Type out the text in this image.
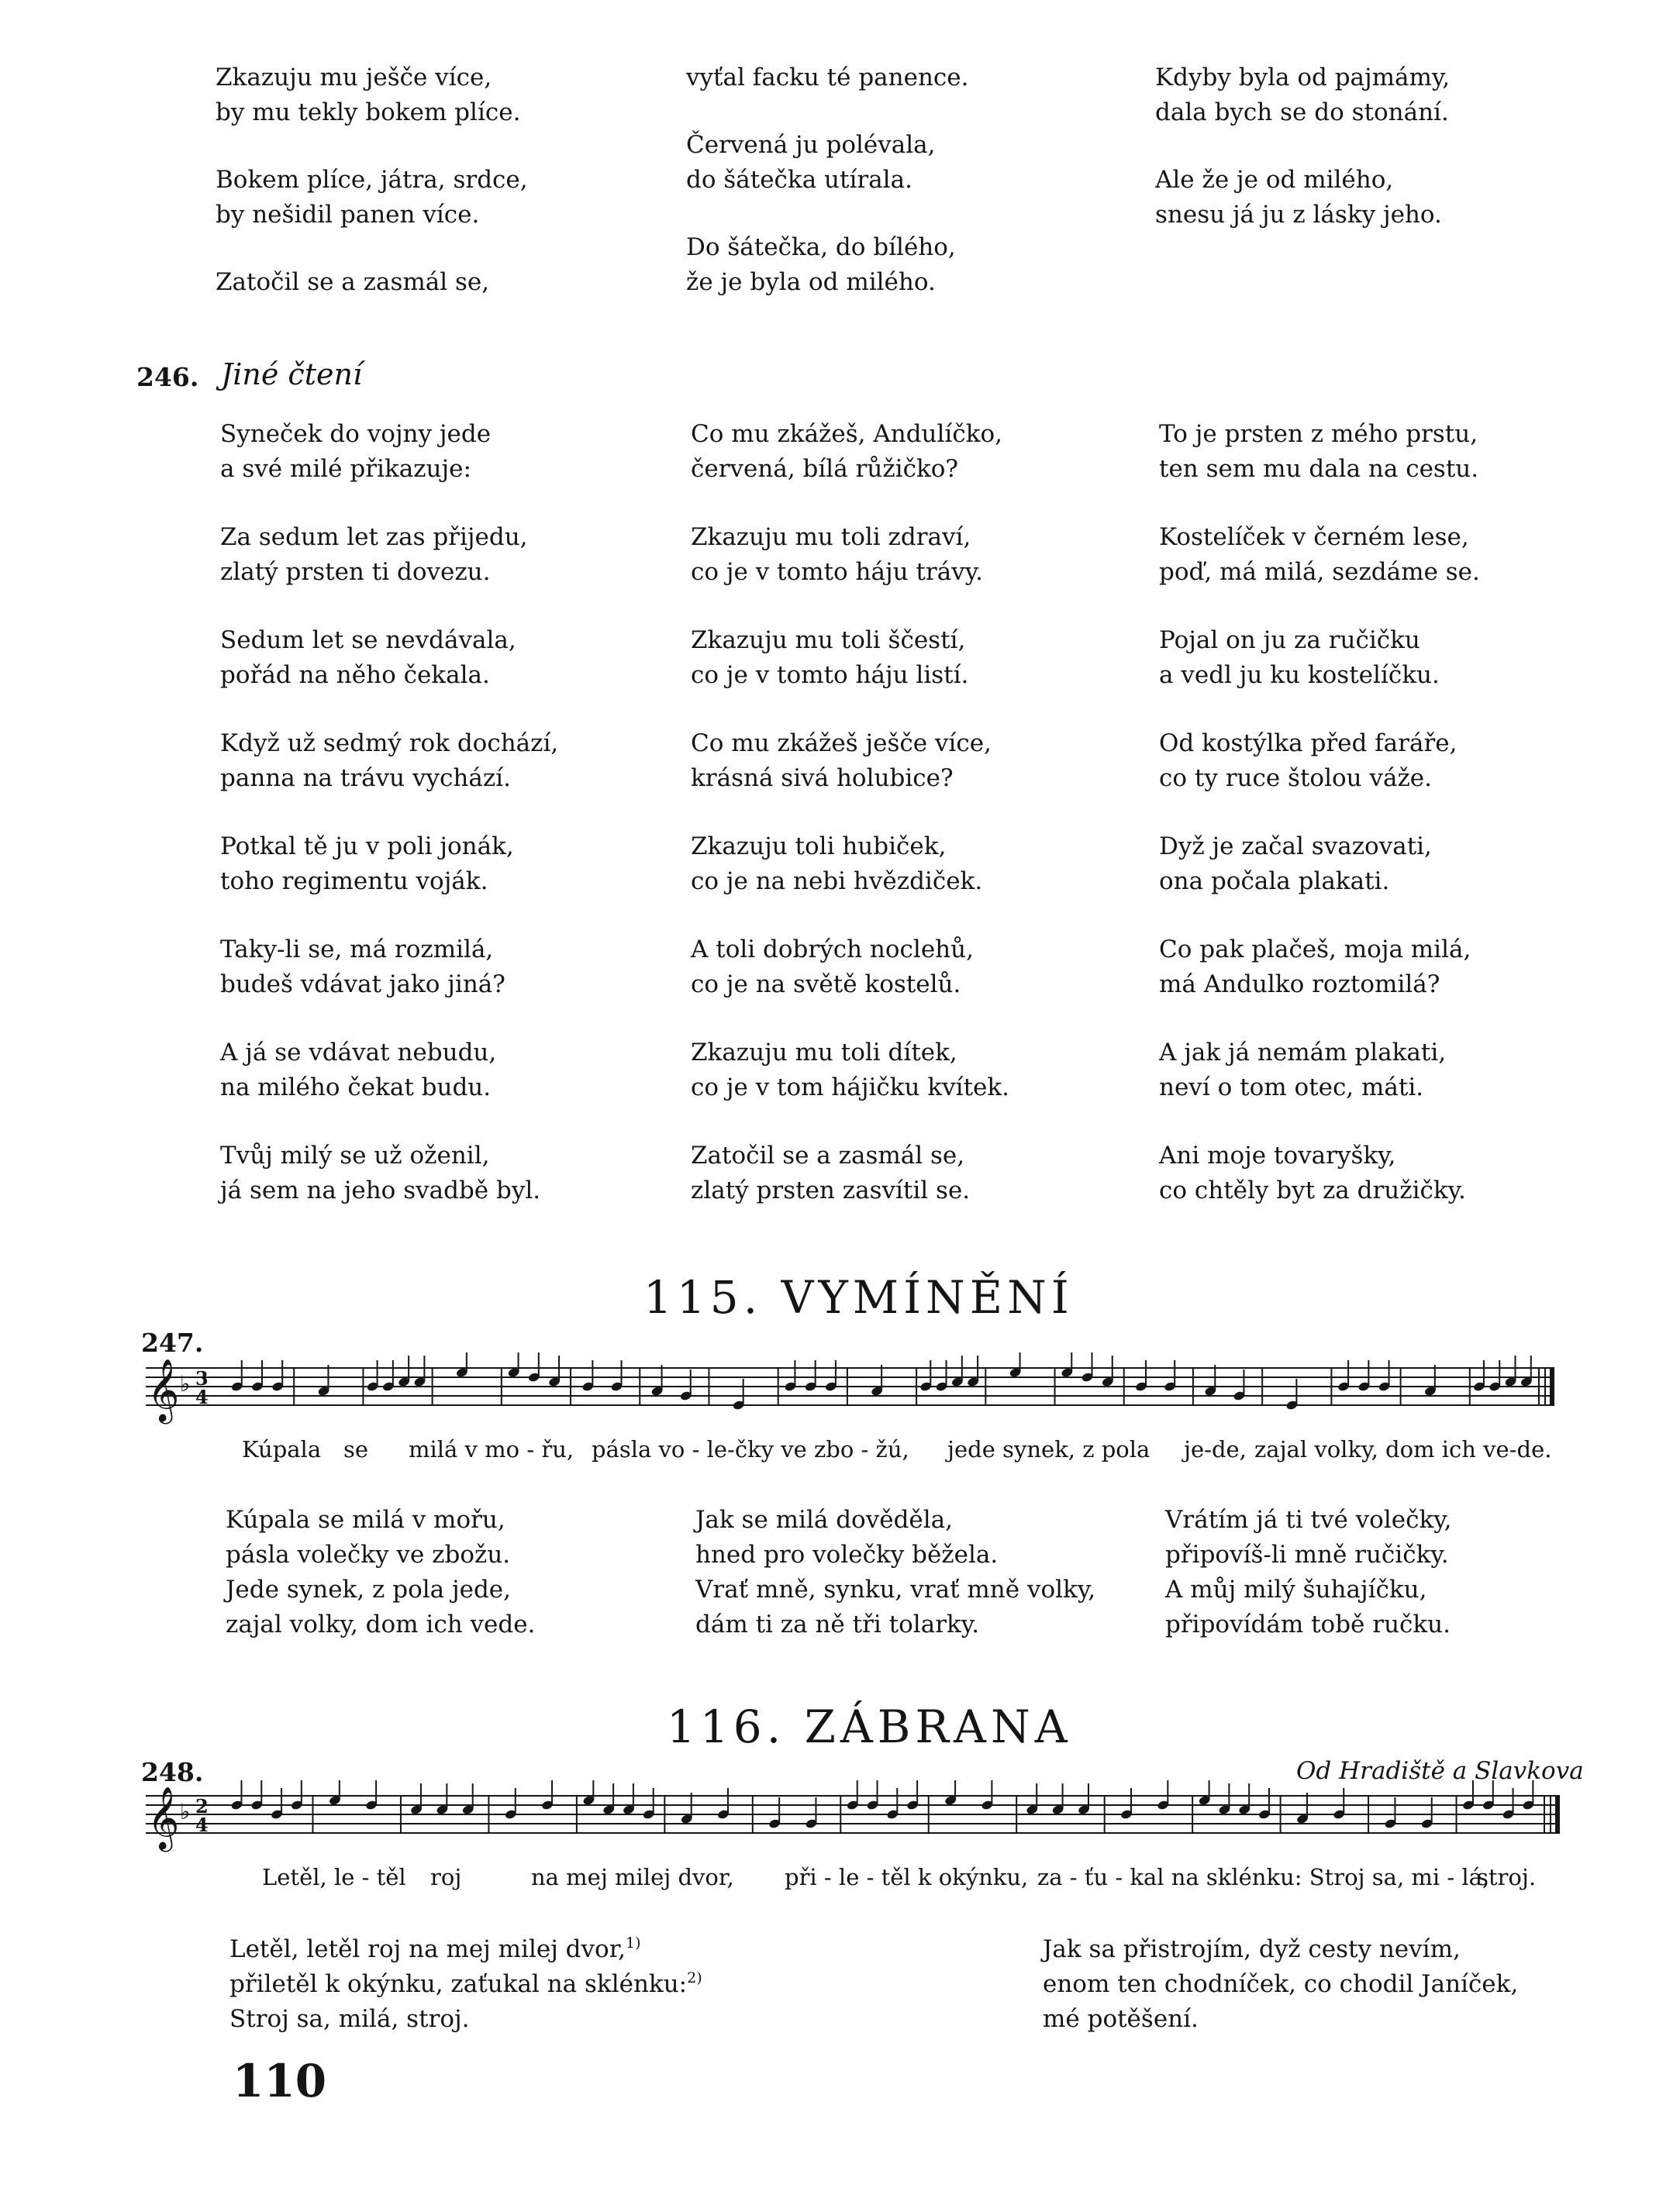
Zkazuju mu ješče více,
by mu tekly bokem plíce.
Bokem plíce, játra, srdce,
by nešidil panen více.
Zatočil se a zasmál se,
vyťal facku té panence.
Červená ju polévala,
do šátečka utírala.
Do šátečka, do bílého,
že je byla od milého.
Kdyby byla od pajmámy,
dala bych se do stonání.
Ale že je od milého,
snesu já ju z lásky jeho.
246. Jiné čtení
Syneček do vojny jede
a své milé přikazuje:
Za sedum let zas přijedu,
zlatý prsten ti dovezu.
Sedum let se nevdávala,
pořád na něho čekala.
Když už sedmý rok dochází,
panna na trávu vychází.
Potkal tě ju v poli jonák,
toho regimentu voják.
Taky-li se, má rozmilá,
budeš vdávat jako jiná?
A já se vdávat nebudu,
na milého čekat budu.
Tvůj milý se už oženil,
já sem na jeho svadbě byl.
Co mu zkážeš, Andulíčko,
červená, bílá růžičko?
Zkazuju mu toli zdraví,
co je v tomto háju trávy.
Zkazuju mu toli ščestí,
co je v tomto háju listí.
Co mu zkážeš ješče více,
krásná sivá holubice?
Zkazuju toli hubiček,
co je na nebi hvězdiček.
A toli dobrých noclehů,
co je na světě kostelů.
Zkazuju mu toli dítek,
co je v tom hájičku kvítek.
Zatočil se a zasmál se,
zlatý prsten zasvítil se.
To je prsten z mého prstu,
ten sem mu dala na cestu.
Kostelíček v černém lese,
poď, má milá, sezdáme se.
Pojal on ju za ručičku
a vedl ju ku kostelíčku.
Od kostýlka před faráře,
co ty ruce štolou váže.
Dyž je začal svazovati,
ona počala plakati.
Co pak plačeš, moja milá,
má Andulko roztomilá?
A jak já nemám plakati,
neví o tom otec, máti.
Ani moje tovaryšky,
co chtěly byt za družičky.
115. VYMÍNĚNÍ
247.
𝄞 ♭ 3
4
Kúpala se milá v mo - řu, pásla vo - le-čky ve zbo - žú, jede synek, z pola je-de, zajal volky, dom ich ve-de.
Kúpala se milá v mořu,
pásla volečky ve zbožu.
Jede synek, z pola jede,
zajal volky, dom ich vede.
Jak se milá dověděla,
hned pro volečky běžela.
Vrať mně, synku, vrať mně volky,
dám ti za ně tři tolarky.
Vrátím já ti tvé volečky,
připovíš-li mně ručičky.
A můj milý šuhajíčku,
připovídám tobě ručku.
116. ZÁBRANA
248.	Od Hradiště a Slavkova
𝄞 ♭ 2
4
Letěl, le - těl roj	na mej milej dvor, při - le - těl k okýnku, za - ťu - kal na sklénku: Stroj sa, mi - lá,
stroj.
Letěl, letěl roj na mej milej dvor,$^{1)}$
přiletěl k okýnku, zaťukal na sklénku:$^{2)}$
Stroj sa, milá, stroj.
Jak sa přistrojím, dyž cesty nevím,
enom ten chodníček, co chodil Janíček,
mé potěšení.
110
